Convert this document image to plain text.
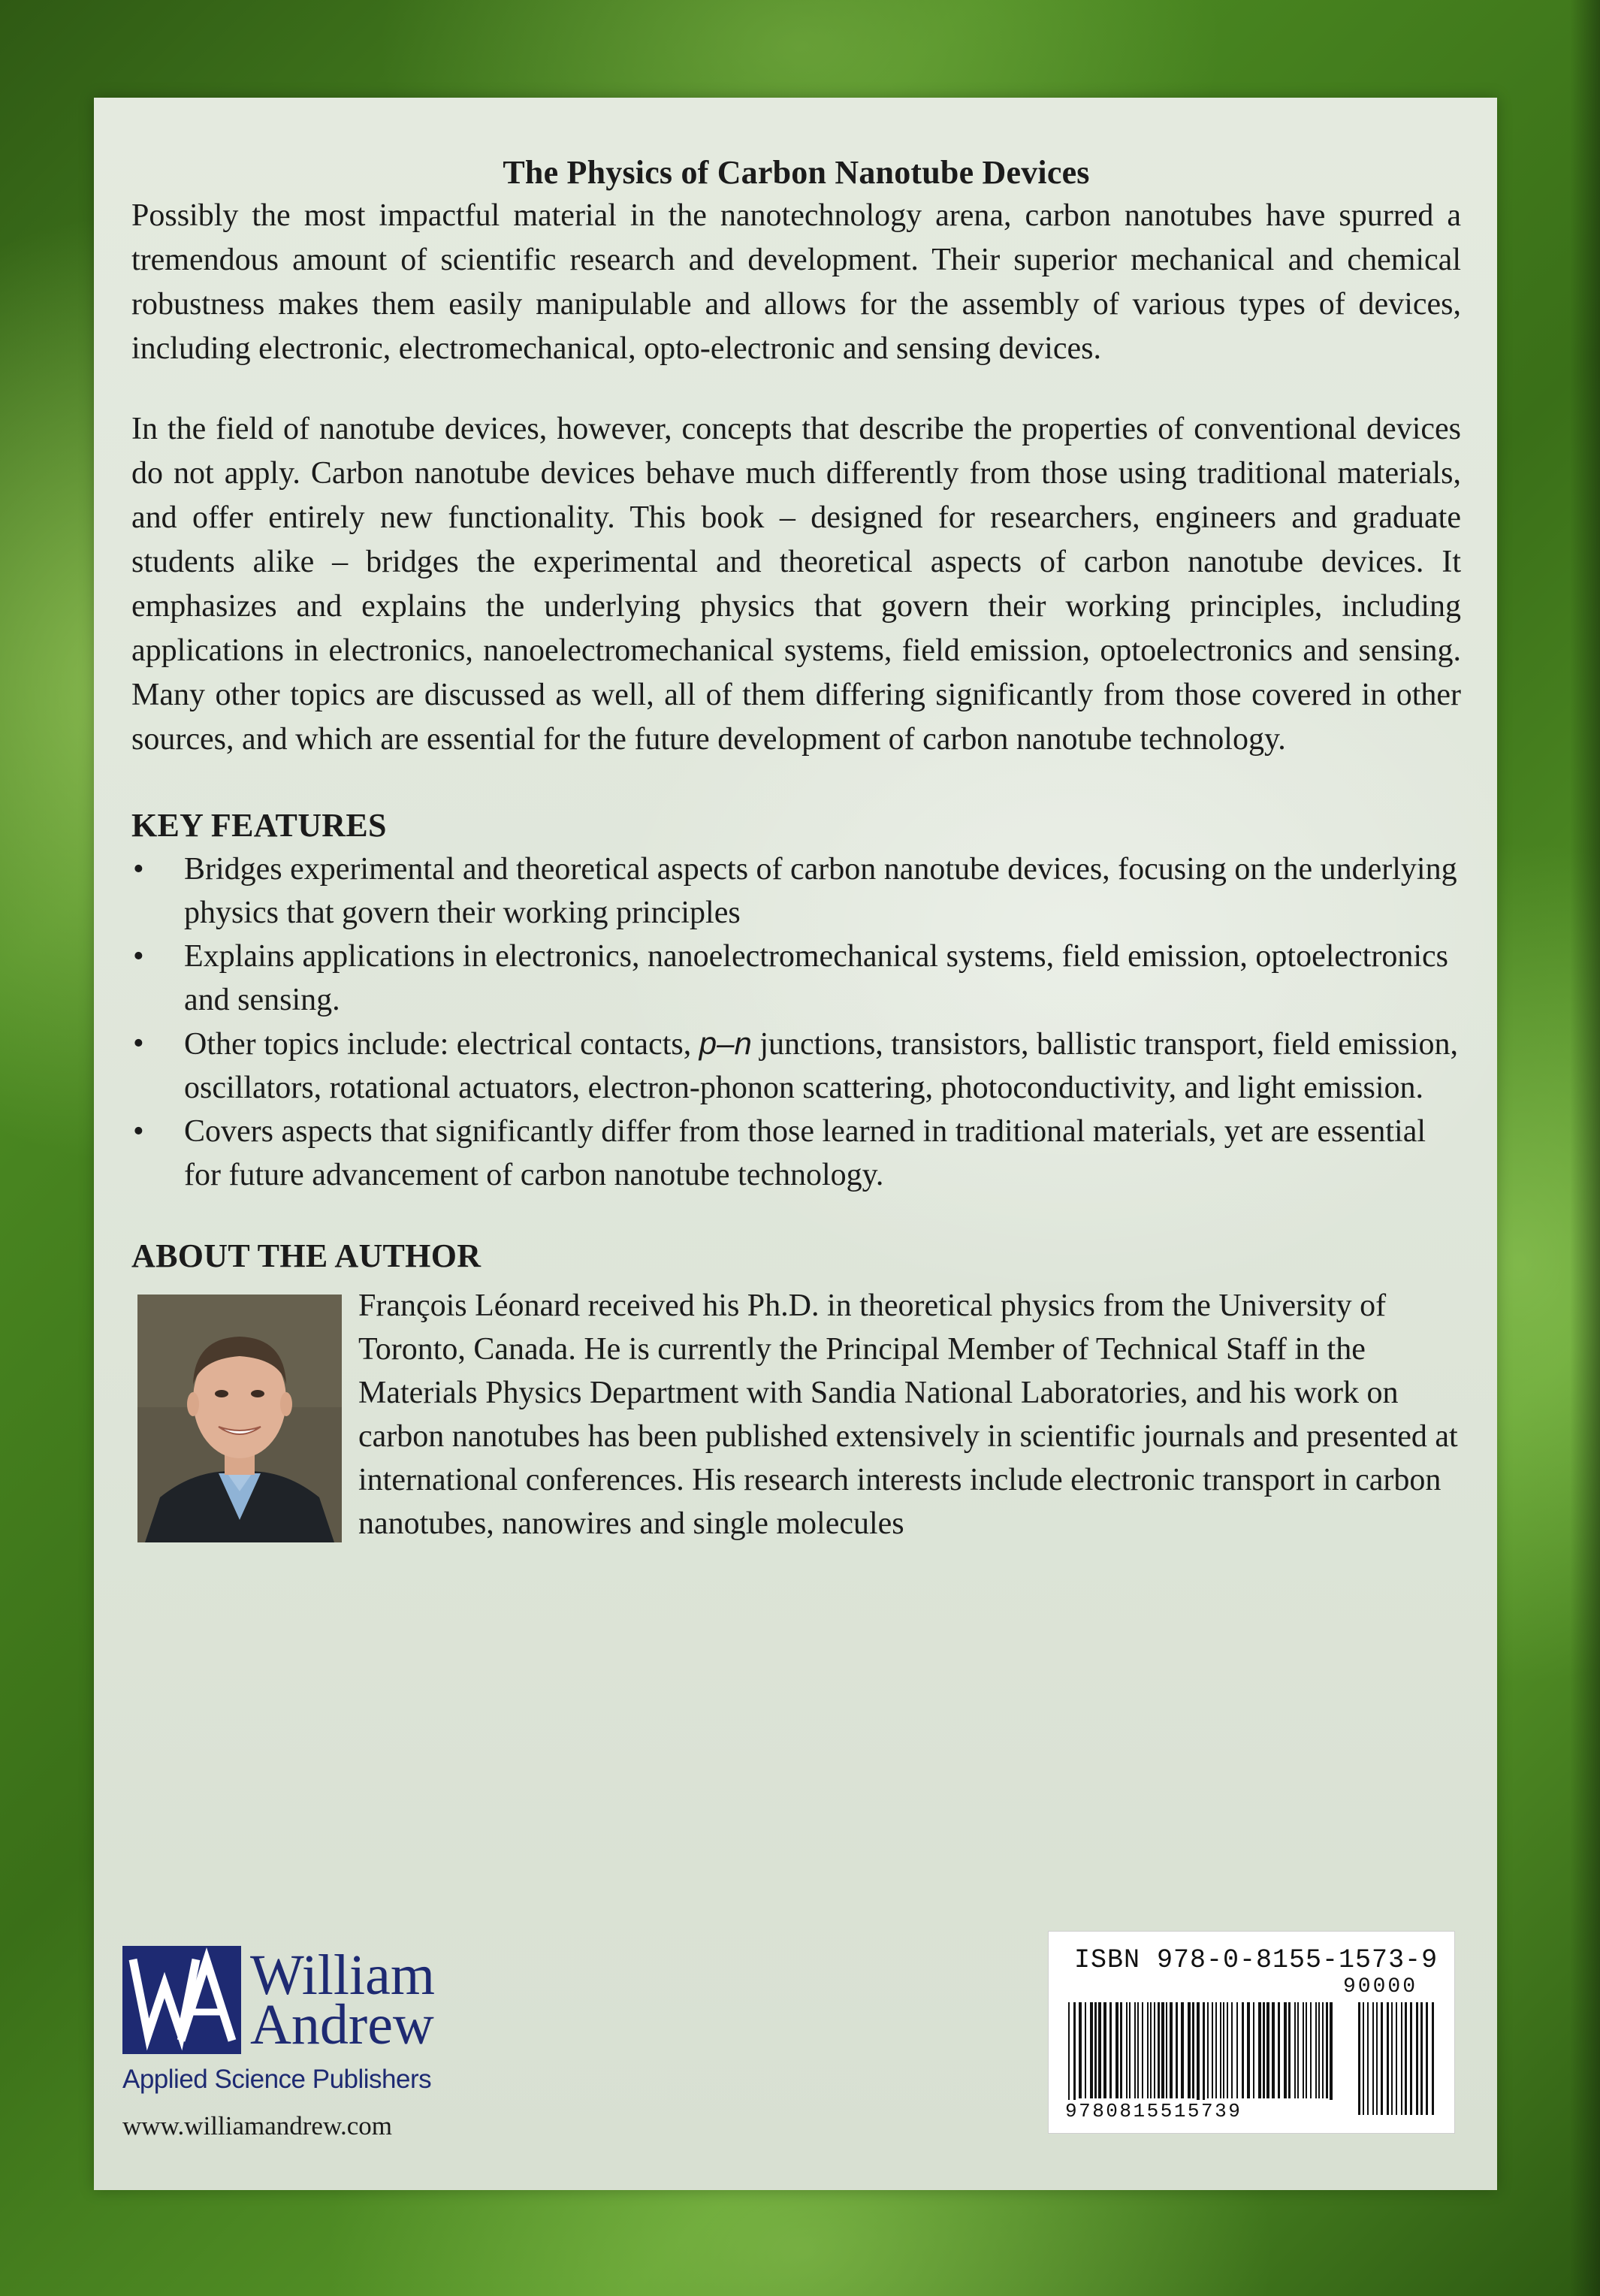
The Physics of Carbon Nanotube Devices

Possibly the most impactful material in the nanotechnology arena, carbon nanotubes have spurred a tremendous amount of scientific research and development. Their superior mechanical and chemical robustness makes them easily manipulable and allows for the assembly of various types of devices, including electronic, electromechanical, opto-electronic and sensing devices.

In the field of nanotube devices, however, concepts that describe the properties of conventional devices do not apply. Carbon nanotube devices behave much differently from those using traditional materials, and offer entirely new functionality. This book – designed for researchers, engineers and graduate students alike – bridges the experimental and theoretical aspects of carbon nanotube devices. It emphasizes and explains the underlying physics that govern their working principles, including applications in electronics, nanoelectromechanical systems, field emission, optoelectronics and sensing. Many other topics are discussed as well, all of them differing significantly from those covered in other sources, and which are essential for the future development of carbon nanotube technology.

KEY FEATURES
• Bridges experimental and theoretical aspects of carbon nanotube devices, focusing on the underlying physics that govern their working principles
• Explains applications in electronics, nanoelectromechanical systems, field emission, optoelectronics and sensing.
• Other topics include: electrical contacts, p–n junctions, transistors, ballistic transport, field emission, oscillators, rotational actuators, electron-phonon scattering, photoconductivity, and light emission.
• Covers aspects that significantly differ from those learned in traditional materials, yet are essential for future advancement of carbon nanotube technology.
ABOUT THE AUTHOR

François Léonard received his Ph.D. in theoretical physics from the University of Toronto, Canada. He is currently the Principal Member of Technical Staff in the Materials Physics Department with Sandia National Laboratories, and his work on carbon nanotubes has been published extensively in scientific journals and presented at international conferences. His research interests include electronic transport in carbon nanotubes, nanowires and single molecules

William
Andrew
Applied Science Publishers
www.williamandrew.com
ISBN 978-0-8155-1573-9
90000
9780815515739
